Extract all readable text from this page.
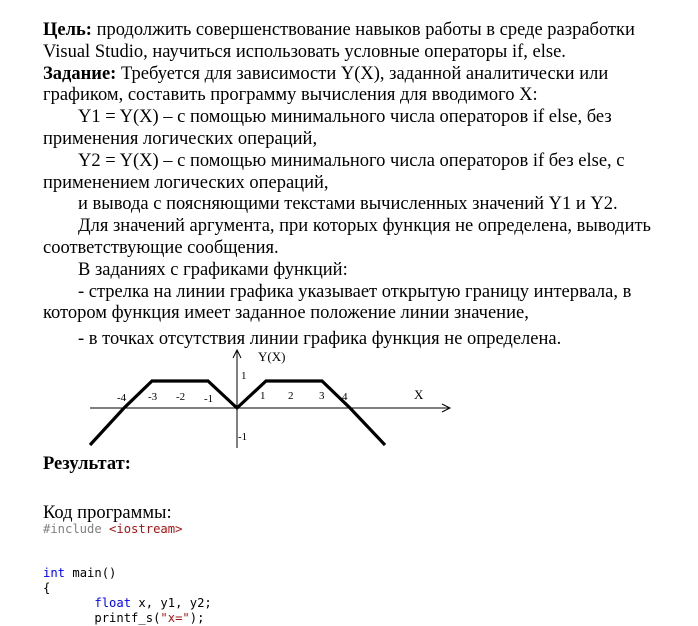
Цель: продолжить совершенствование навыков работы в среде разработки Visual Studio, научиться использовать условные операторы if, else.

Задание: Требуется для зависимости Y(X), заданной аналитически или графиком, составить программу вычисления для вводимого X:

Y1 = Y(X) – с помощью минимального числа операторов if else, без применения логических операций,

Y2 = Y(X) – с помощью минимального числа операторов if без else, с применением логических операций,

и вывода с поясняющими текстами вычисленных значений Y1 и Y2.

Для значений аргумента, при которых функция не определена, выводить соответствующие сообщения.

В заданиях с графиками функций:

- стрелка на линии графика указывает открытую границу интервала, в котором функция имеет заданное положение линии значение,

- в точках отсутствия линии графика функция не определена.

Y(X)
X
1
-1
-4 -3 -2 -1	1 2 3 4
Результат:
Код программы:
#include <iostream>

int main()
{
float x, y1, y2;
printf_s("x=");
